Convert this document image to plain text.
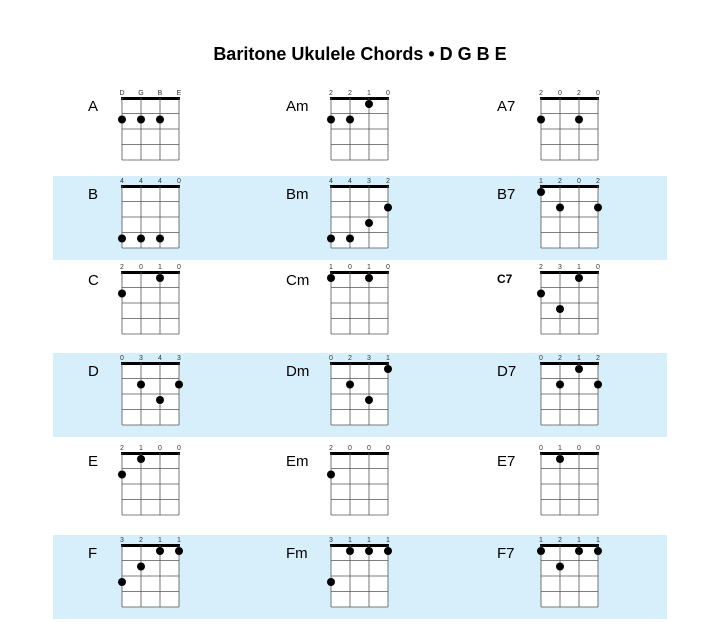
Baritone Ukulele Chords • D G B E
A
D G B E
Am
2 2 1 0
A7
2 0 2 0
B
4 4 4 0
Bm
4 4 3 2
B7
1 2 0 2
C
2 0 1 0
Cm
1 0 1 0
C7
2 3 1 0
D
0 3 4 3
Dm
0 2 3 1
D7
0 2 1 2
E
2 1 0 0
Em
2 0 0 0
E7
0 1 0 0
F
3 2 1 1
Fm
3 1 1 1
F7
1 2 1 1
